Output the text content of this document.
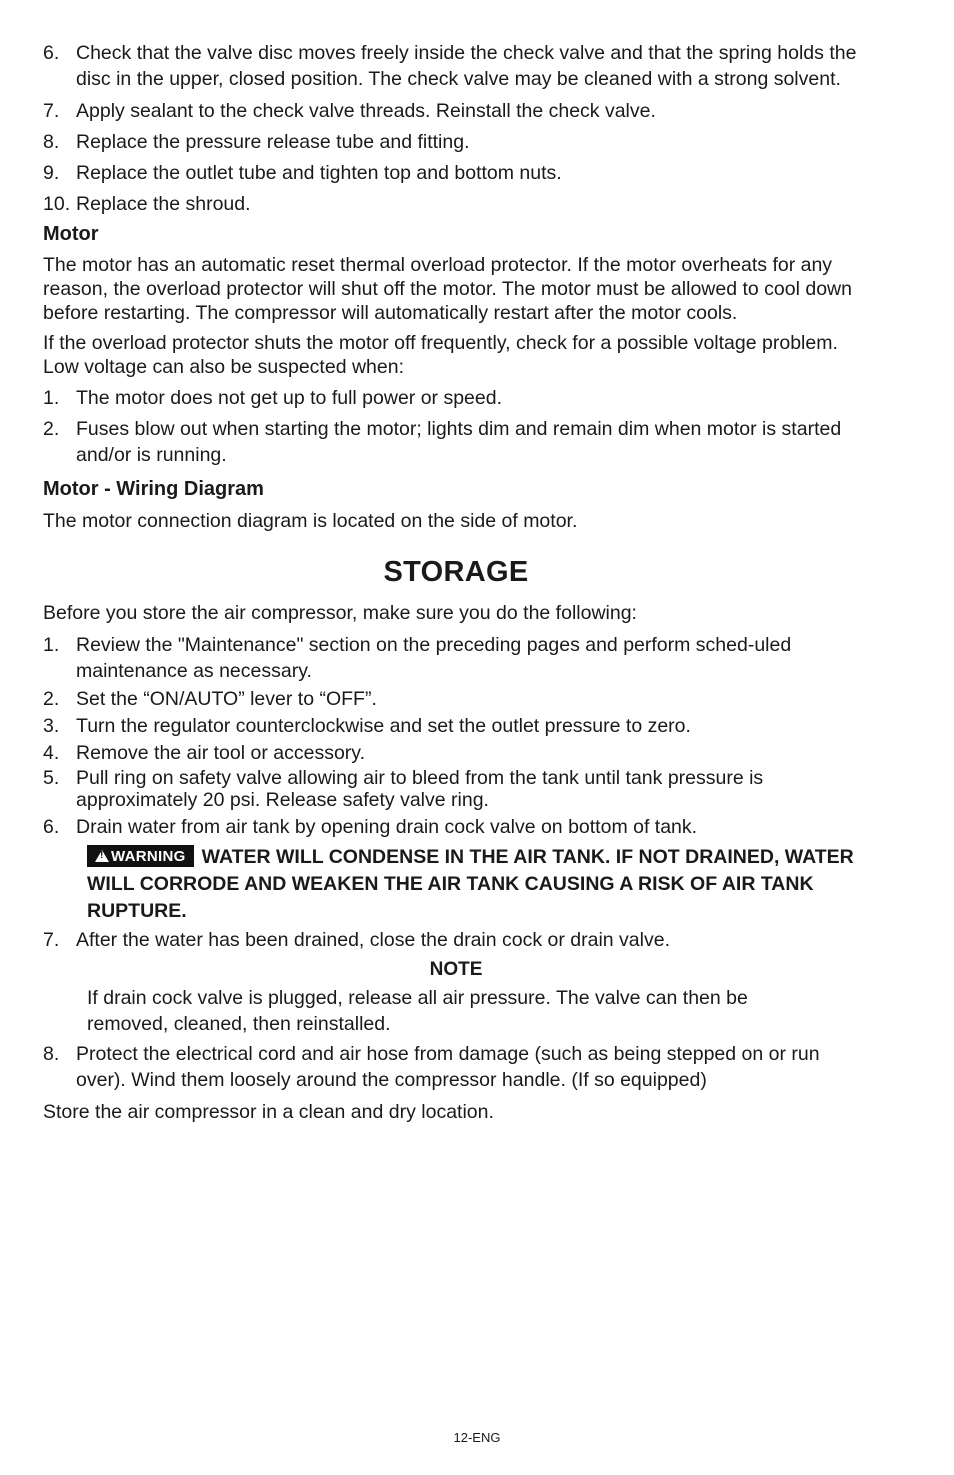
6. Check that the valve disc moves freely inside the check valve and that the spring holds the disc in the upper, closed position. The check valve may be cleaned with a strong solvent.
7. Apply sealant to the check valve threads. Reinstall the check valve.
8. Replace the pressure release tube and fitting.
9. Replace the outlet tube and tighten top and bottom nuts.
10. Replace the shroud.
Motor

The motor has an automatic reset thermal overload protector. If the motor overheats for any reason, the overload protector will shut off the motor. The motor must be allowed to cool down before restarting. The compressor will automatically restart after the motor cools.

If the overload protector shuts the motor off frequently, check for a possible voltage problem. Low voltage can also be suspected when:

1. The motor does not get up to full power or speed.
2. Fuses blow out when starting the motor; lights dim and remain dim when motor is started and/or is running.
Motor - Wiring Diagram

The motor connection diagram is located on the side of motor.

STORAGE

Before you store the air compressor, make sure you do the following:

1. Review the "Maintenance" section on the preceding pages and perform sched-uled maintenance as necessary.
2. Set the “ON/AUTO” lever to “OFF”.
3. Turn the regulator counterclockwise and set the outlet pressure to zero.
4. Remove the air tool or accessory.
5. Pull ring on safety valve allowing air to bleed from the tank until tank pressure is approximately 20 psi. Release safety valve ring.
6. Drain water from air tank by opening drain cock valve on bottom of tank.
!WARNING WATER WILL CONDENSE IN THE AIR TANK. IF NOT DRAINED, WATER WILL CORRODE AND WEAKEN THE AIR TANK CAUSING A RISK OF AIR TANK RUPTURE.
7. After the water has been drained, close the drain cock or drain valve.
NOTE
If drain cock valve is plugged, release all air pressure. The valve can then be removed, cleaned, then reinstalled.
8. Protect the electrical cord and air hose from damage (such as being stepped on or run over). Wind them loosely around the compressor handle. (If so equipped)

Store the air compressor in a clean and dry location.

12-ENG
